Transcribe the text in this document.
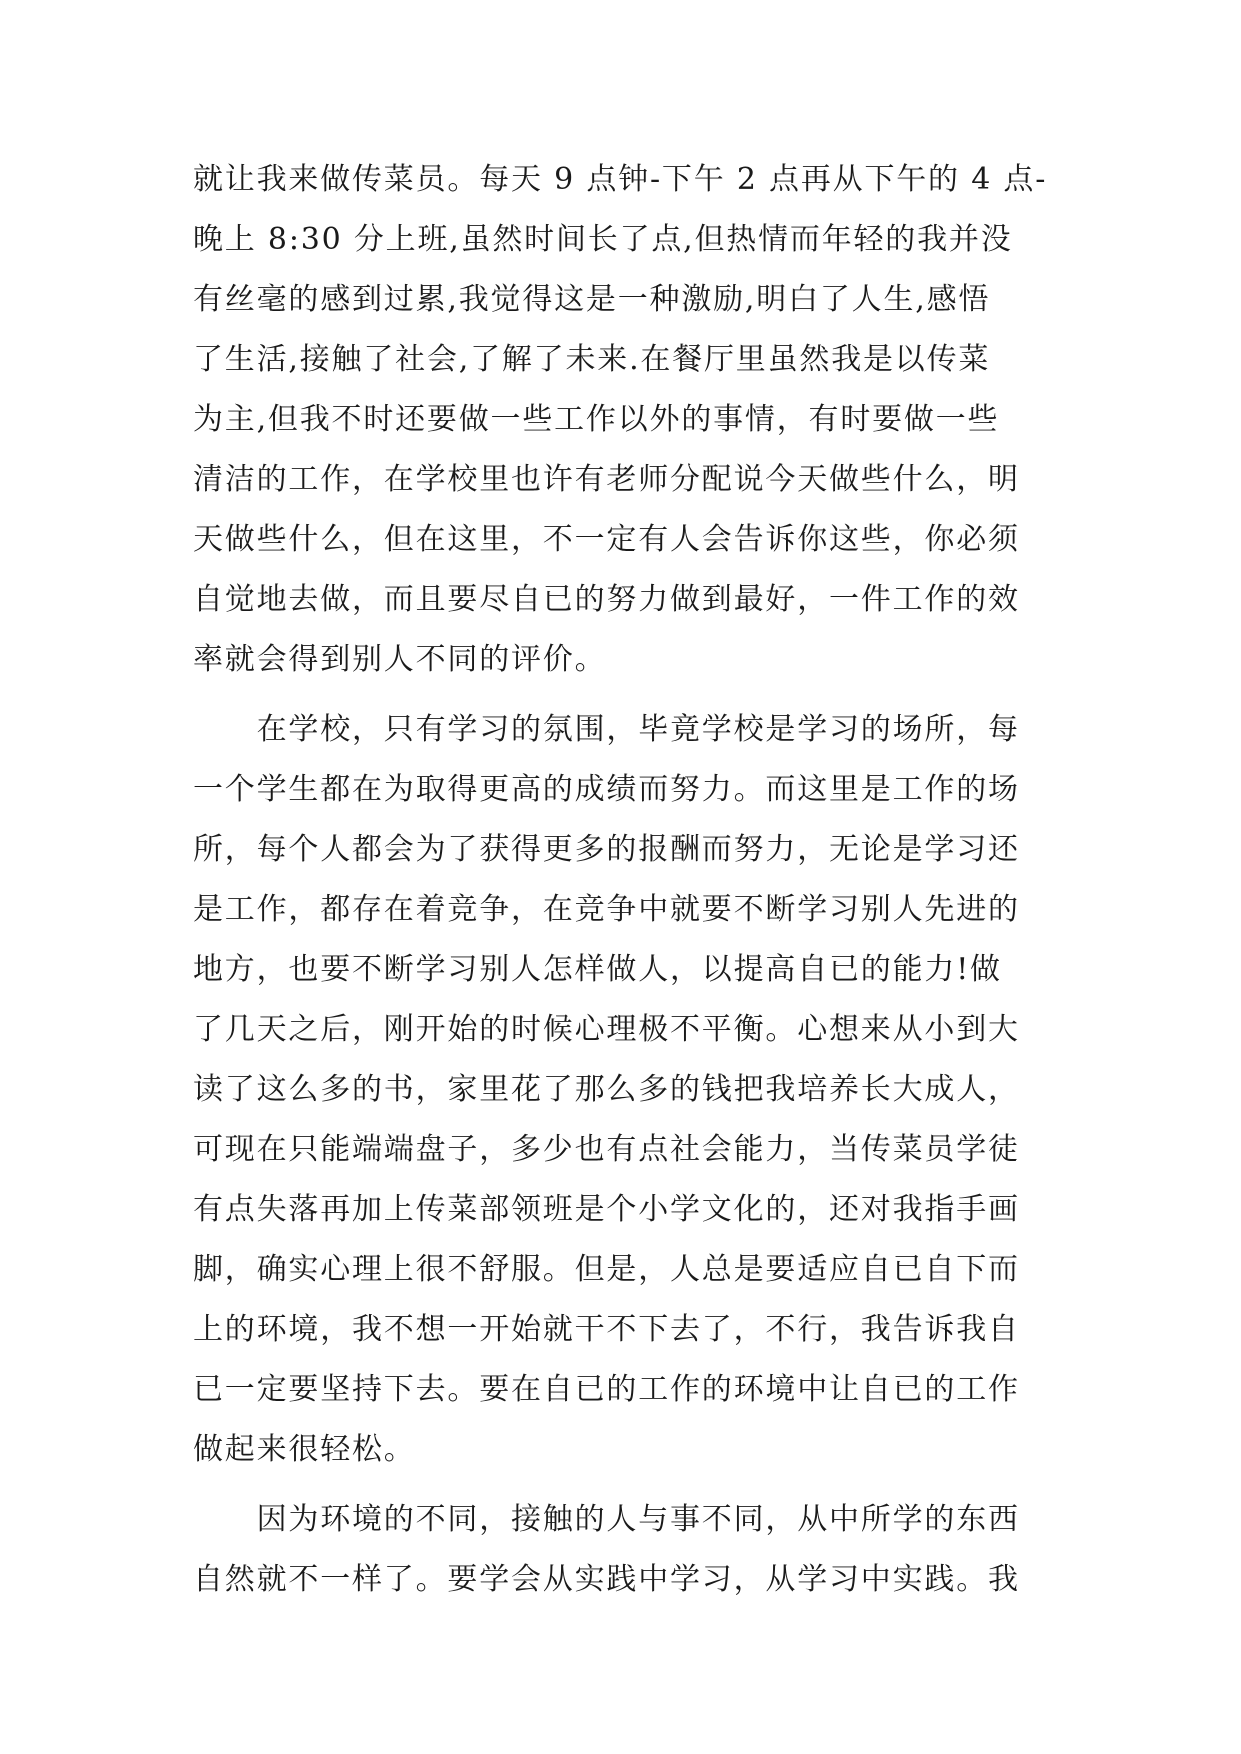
就让我来做传菜员。每天 9 点钟-下午 2 点再从下午的 4 点-
晚上 8:30 分上班,虽然时间长了点,但热情而年轻的我并没
有丝毫的感到过累,我觉得这是一种激励,明白了人生,感悟
了生活,接触了社会,了解了未来.在餐厅里虽然我是以传菜
为主,但我不时还要做一些工作以外的事情，有时要做一些
清洁的工作，在学校里也许有老师分配说今天做些什么，明
天做些什么，但在这里，不一定有人会告诉你这些，你必须
自觉地去做，而且要尽自已的努力做到最好，一件工作的效
率就会得到别人不同的评价。
　　在学校，只有学习的氛围，毕竟学校是学习的场所，每
一个学生都在为取得更高的成绩而努力。而这里是工作的场
所，每个人都会为了获得更多的报酬而努力，无论是学习还
是工作，都存在着竞争，在竞争中就要不断学习别人先进的
地方，也要不断学习别人怎样做人，以提高自已的能力!做
了几天之后，刚开始的时候心理极不平衡。心想来从小到大
读了这么多的书，家里花了那么多的钱把我培养长大成人，
可现在只能端端盘子，多少也有点社会能力，当传菜员学徒
有点失落再加上传菜部领班是个小学文化的，还对我指手画
脚，确实心理上很不舒服。但是，人总是要适应自已自下而
上的环境，我不想一开始就干不下去了，不行，我告诉我自
已一定要坚持下去。要在自已的工作的环境中让自已的工作
做起来很轻松。
　　因为环境的不同，接触的人与事不同，从中所学的东西
自然就不一样了。要学会从实践中学习，从学习中实践。我
